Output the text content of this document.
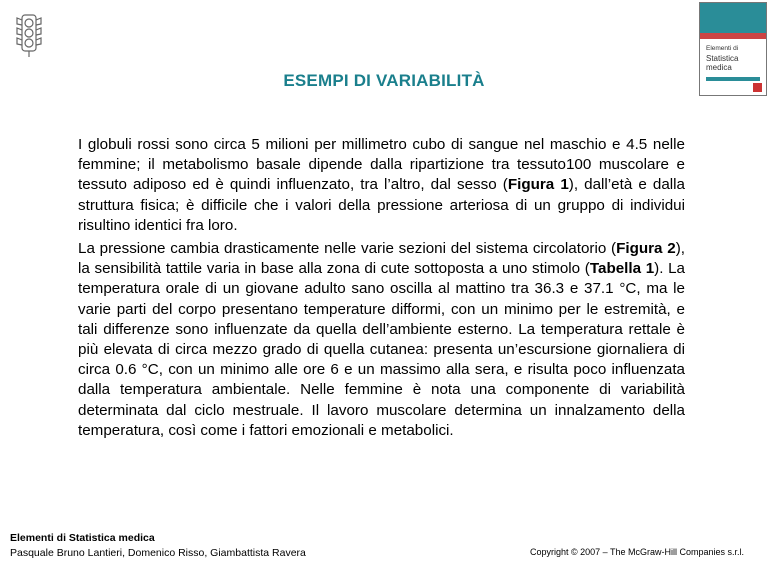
ESEMPI DI VARIABILITÀ
Elementi di
Statistica
medica

I globuli rossi sono circa 5 milioni per millimetro cubo di sangue nel maschio e 4.5 nelle femmine; il metabolismo basale dipende dalla ripartizione tra tessuto100 muscolare e tessuto adiposo ed è quindi influenzato, tra l’altro, dal sesso (Figura 1), dall’età e dalla struttura fisica; è difficile che i valori della pressione arteriosa di un gruppo di individui risultino identici fra loro.

La pressione cambia drasticamente nelle varie sezioni del sistema circolatorio (Figura 2), la sensibilità tattile varia in base alla zona di cute sottoposta a uno stimolo (Tabella 1). La temperatura orale di un giovane adulto sano oscilla al mattino tra 36.3 e 37.1 °C, ma le varie parti del corpo presentano temperature difformi, con un minimo per le estremità, e tali differenze sono influenzate da quella dell’ambiente esterno. La temperatura rettale è più elevata di circa mezzo grado di quella cutanea: presenta un’escursione giornaliera di circa 0.6 °C, con un minimo alle ore 6 e un massimo alla sera, e risulta poco influenzata dalla temperatura ambientale. Nelle femmine è nota una componente di variabilità determinata dal ciclo mestruale. Il lavoro muscolare determina un innalzamento della temperatura, così come i fattori emozionali e metabolici.

Elementi di Statistica medica
Pasquale Bruno Lantieri, Domenico Risso, Giambattista Ravera	Copyright © 2007 – The McGraw-Hill Companies s.r.l.
